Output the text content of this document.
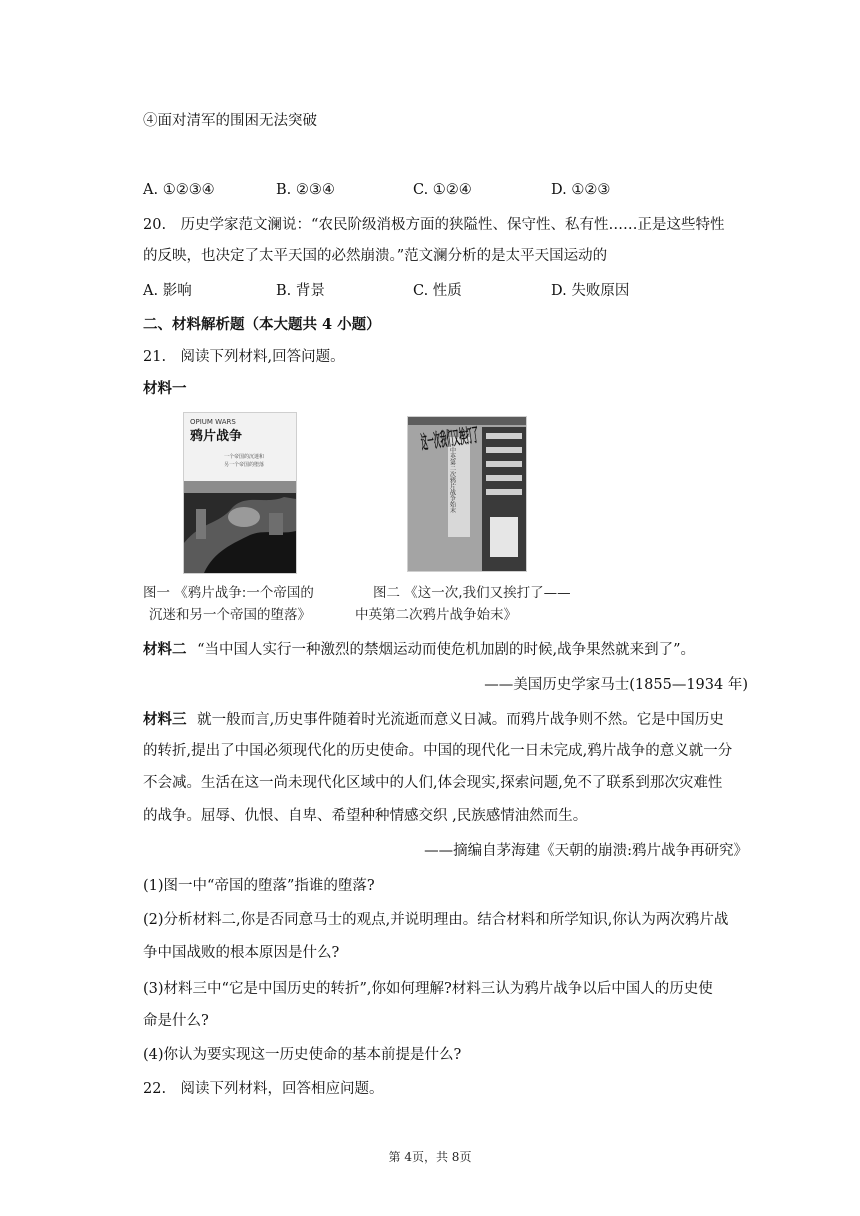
④面对清军的围困无法突破
A. ①②③④	B. ②③④	C. ①②④	D. ①②③
20.　历史学家范文澜说：“农民阶级消极方面的狭隘性、保守性、私有性……正是这些特性
的反映，也决定了太平天国的必然崩溃。”范文澜分析的是太平天国运动的
A. 影响	B. 背景	C. 性质	D. 失败原因
二、材料解析题（本大题共 4 小题）
21.　阅读下列材料,回答问题。
材料一
OPIUM WARS
鸦片战争
一个帝国的沉迷和
另一个帝国的堕落	中英第二次鸦片战争始末
图一 《鸦片战争:一个帝国的
沉迷和另一个帝国的堕落》
图二 《这一次,我们又挨打了——
中英第二次鸦片战争始末》
材料二 “当中国人实行一种激烈的禁烟运动而使危机加剧的时候,战争果然就来到了”。
——美国历史学家马士(1855—1934 年)
材料三 就一般而言,历史事件随着时光流逝而意义日减。而鸦片战争则不然。它是中国历史
的转折,提出了中国必须现代化的历史使命。中国的现代化一日未完成,鸦片战争的意义就一分
不会减。生活在这一尚未现代化区域中的人们,体会现实,探索问题,免不了联系到那次灾难性
的战争。屈辱、仇恨、自卑、希望种种情感交织 ,民族感情油然而生。
——摘编自茅海建《天朝的崩溃:鸦片战争再研究》
(1)图一中“帝国的堕落”指谁的堕落?
(2)分析材料二,你是否同意马士的观点,并说明理由。结合材料和所学知识,你认为两次鸦片战
争中国战败的根本原因是什么?
(3)材料三中“它是中国历史的转折”,你如何理解?材料三认为鸦片战争以后中国人的历史使
命是什么?
(4)你认为要实现这一历史使命的基本前提是什么?
22.　阅读下列材料，回答相应问题。
第 4页，共 8页
